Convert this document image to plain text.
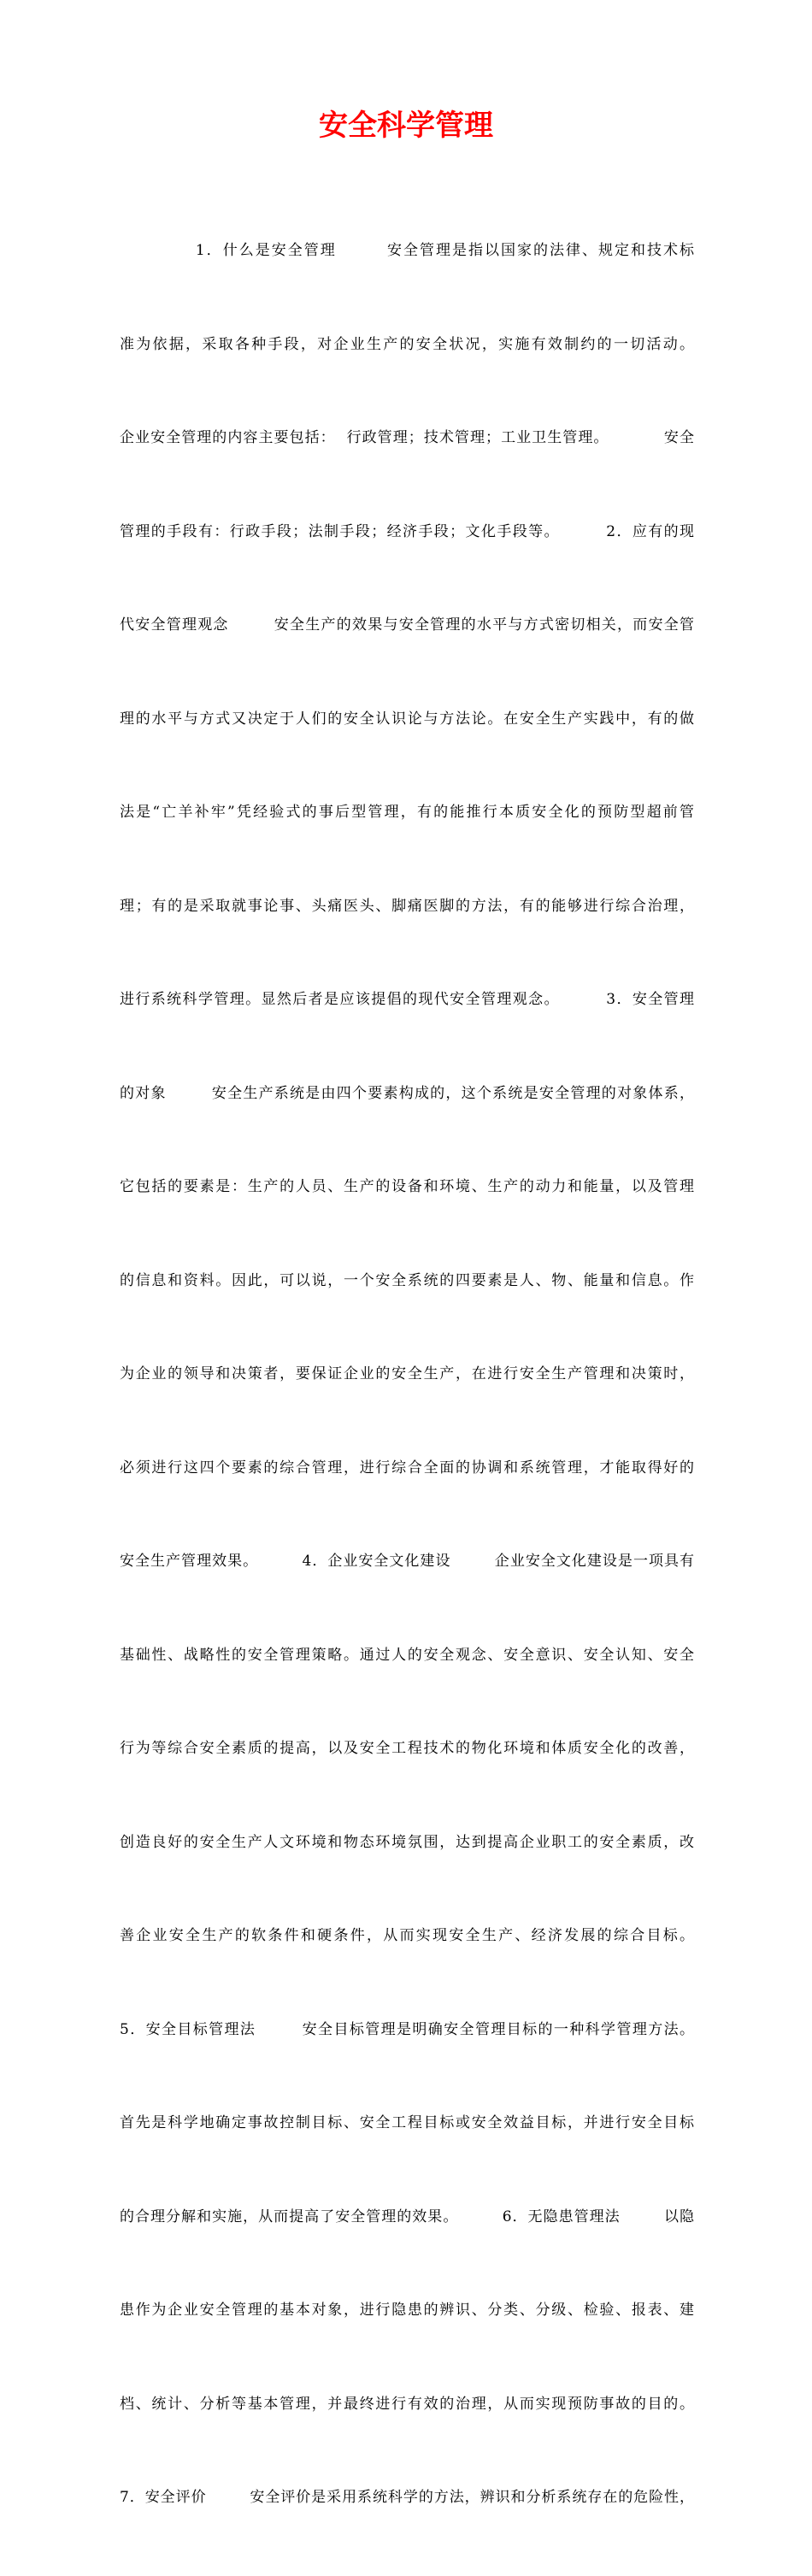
安全科学管理

1．什么是安全管理        安全管理是指以国家的法律、规定和技术标

准为依据，采取各种手段，对企业生产的安全状况，实施有效制约的一切活动。

企业安全管理的内容主要包括：  行政管理；技术管理；工业卫生管理。          安全

管理的手段有：行政手段；法制手段；经济手段；文化手段等。        2．应有的现

代安全管理观念        安全生产的效果与安全管理的水平与方式密切相关，而安全管

理的水平与方式又决定于人们的安全认识论与方法论。在安全生产实践中，有的做

法是“亡羊补牢”凭经验式的事后型管理，有的能推行本质安全化的预防型超前管

理；有的是采取就事论事、头痛医头、脚痛医脚的方法，有的能够进行综合治理，

进行系统科学管理。显然后者是应该提倡的现代安全管理观念。        3．安全管理

的对象        安全生产系统是由四个要素构成的，这个系统是安全管理的对象体系，

它包括的要素是：生产的人员、生产的设备和环境、生产的动力和能量，以及管理

的信息和资料。因此，可以说，一个安全系统的四要素是人、物、能量和信息。作

为企业的领导和决策者，要保证企业的安全生产，在进行安全生产管理和决策时，

必须进行这四个要素的综合管理，进行综合全面的协调和系统管理，才能取得好的

安全生产管理效果。        4．企业安全文化建设        企业安全文化建设是一项具有

基础性、战略性的安全管理策略。通过人的安全观念、安全意识、安全认知、安全

行为等综合安全素质的提高，以及安全工程技术的物化环境和体质安全化的改善，

创造良好的安全生产人文环境和物态环境氛围，达到提高企业职工的安全素质，改

善企业安全生产的软条件和硬条件，从而实现安全生产、经济发展的综合目标。

5．安全目标管理法        安全目标管理是明确安全管理目标的一种科学管理方法。

首先是科学地确定事故控制目标、安全工程目标或安全效益目标，并进行安全目标

的合理分解和实施，从而提高了安全管理的效果。        6．无隐患管理法        以隐

患作为企业安全管理的基本对象，进行隐患的辨识、分类、分级、检验、报表、建

档、统计、分析等基本管理，并最终进行有效的治理，从而实现预防事故的目的。

7．安全评价        安全评价是采用系统科学的方法，辨识和分析系统存在的危险性，
